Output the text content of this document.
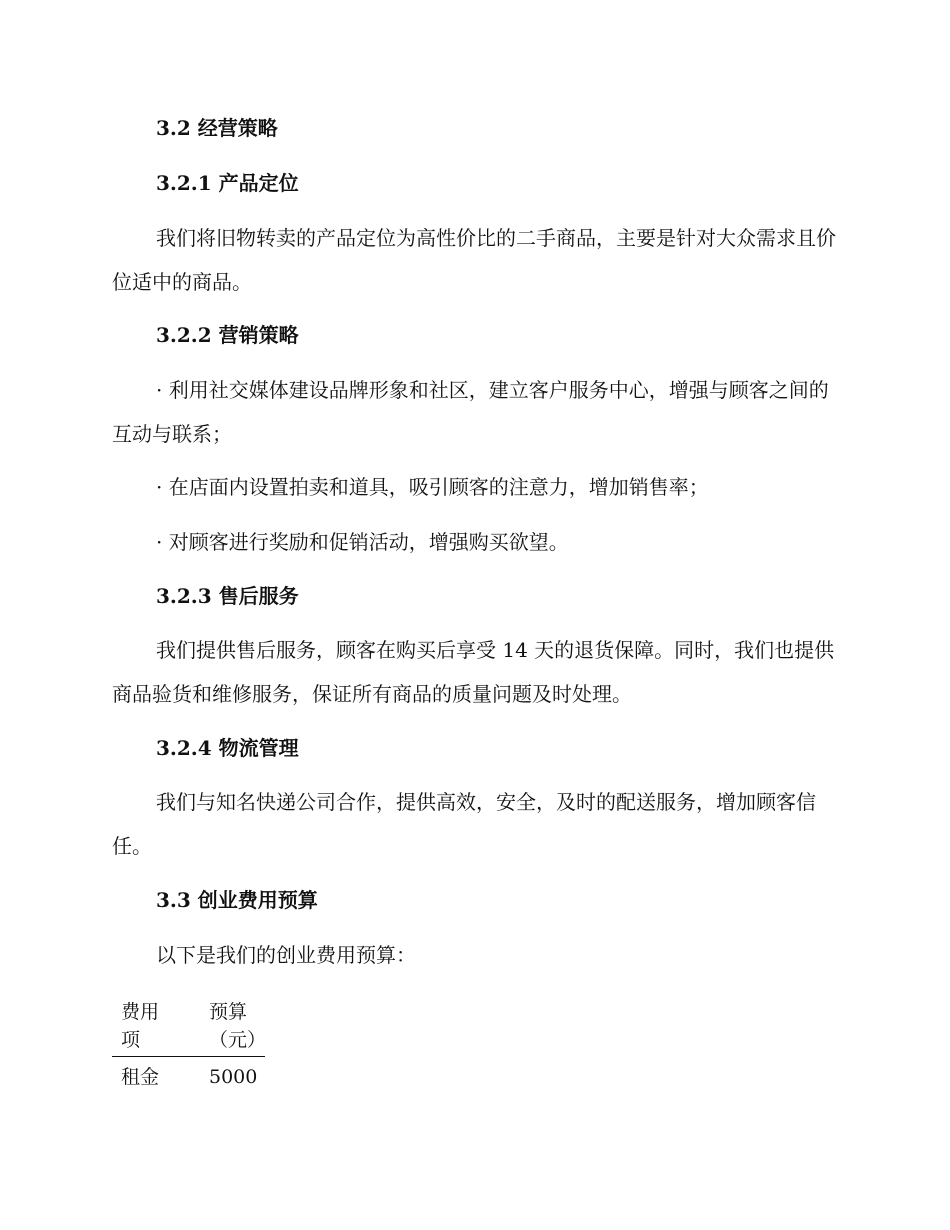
3.2 经营策略
3.2.1 产品定位
我们将旧物转卖的产品定位为高性价比的二手商品，主要是针对大众需求且价位适中的商品。
3.2.2 营销策略
· 利用社交媒体建设品牌形象和社区，建立客户服务中心，增强与顾客之间的互动与联系；
· 在店面内设置拍卖和道具，吸引顾客的注意力，增加销售率；
· 对顾客进行奖励和促销活动，增强购买欲望。
3.2.3 售后服务
我们提供售后服务，顾客在购买后享受 14 天的退货保障。同时，我们也提供商品验货和维修服务，保证所有商品的质量问题及时处理。
3.2.4 物流管理
我们与知名快递公司合作，提供高效，安全，及时的配送服务，增加顾客信任。
3.3 创业费用预算
以下是我们的创业费用预算：
费用项	预算（元）

租金	5000
